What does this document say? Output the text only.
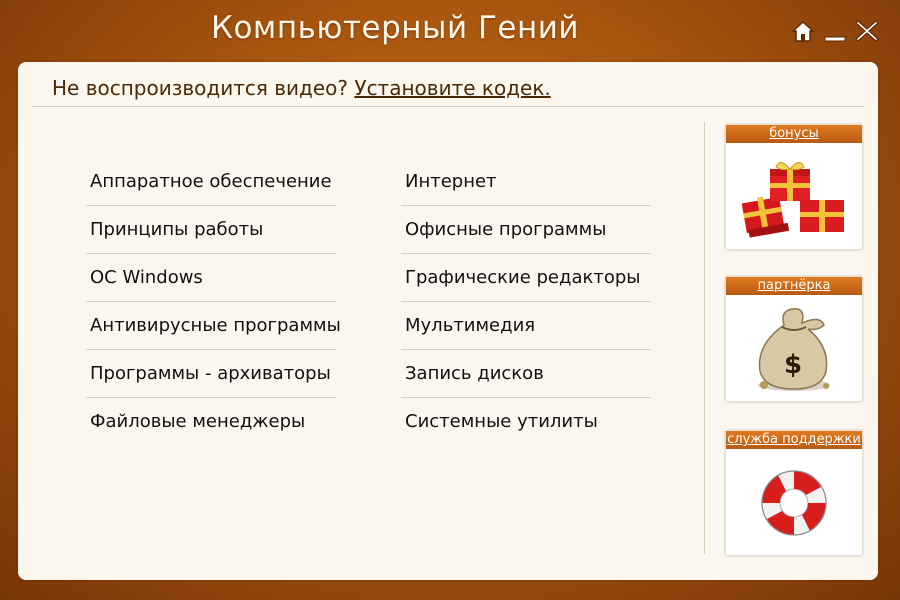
Компьютерный Гений
Не воспроизводится видео? Установите кодек.
Аппаратное обеспечение
Принципы работы
ОС Windows
Антивирусные программы
Программы - архиваторы
Файловые менеджеры
Интернет
Офисные программы
Графические редакторы
Мультимедия
Запись дисков
Системные утилиты
бонусы
партнёрка
$
служба поддержки
